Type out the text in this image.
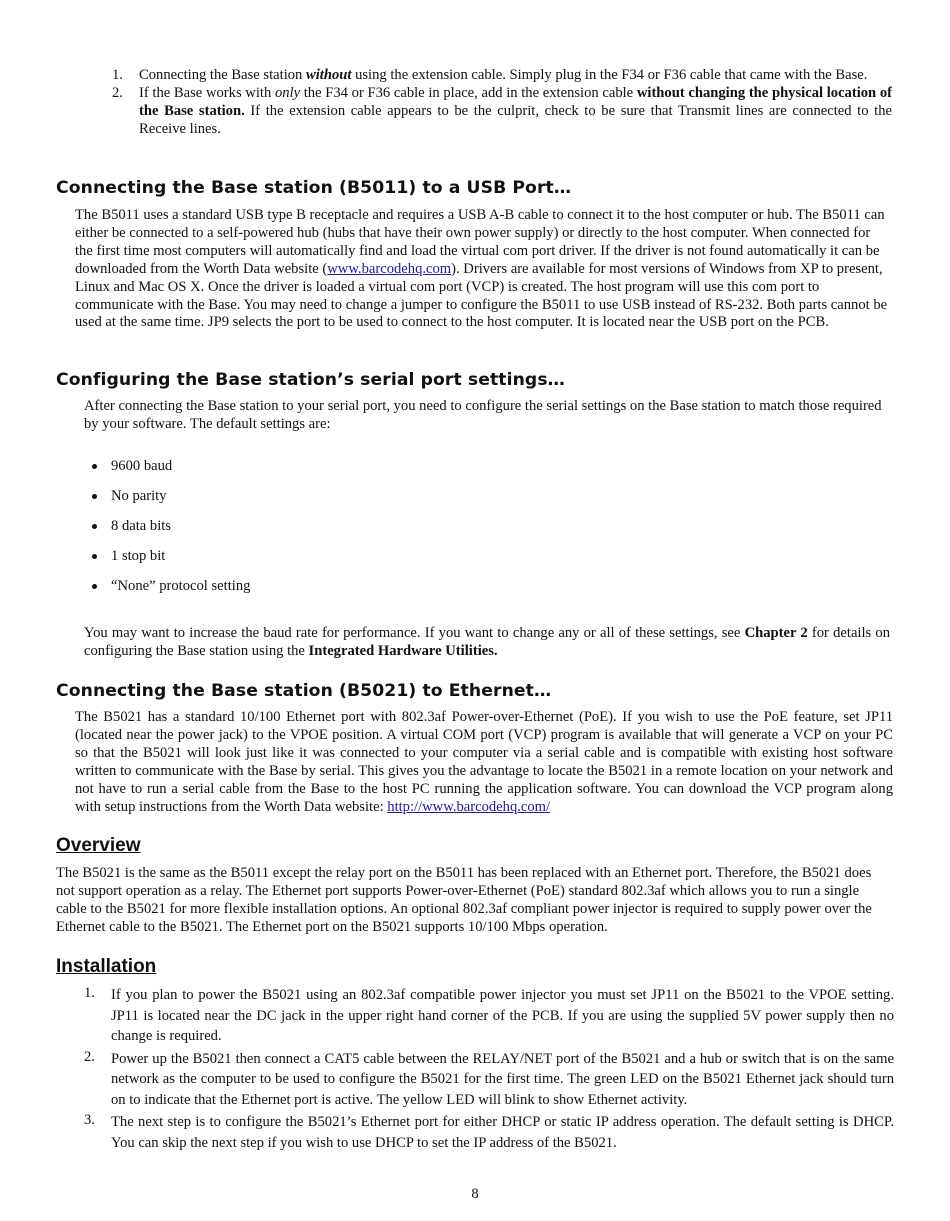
1. Connecting the Base station without using the extension cable. Simply plug in the F34 or F36 cable that came with the Base.

2. If the Base works with only the F34 or F36 cable in place, add in the extension cable without changing the physical location of the Base station. If the extension cable appears to be the culprit, check to be sure that Transmit lines are connected to the Receive lines.

Connecting the Base station (B5011) to a USB Port…

The B5011 uses a standard USB type B receptacle and requires a USB A-B cable to connect it to the host computer or hub. The B5011 can either be connected to a self-powered hub (hubs that have their own power supply) or directly to the host computer. When connected for the first time most computers will automatically find and load the virtual com port driver. If the driver is not found automatically it can be downloaded from the Worth Data website (www.barcodehq.com). Drivers are available for most versions of Windows from XP to present, Linux and Mac OS X. Once the driver is loaded a virtual com port (VCP) is created. The host program will use this com port to communicate with the Base. You may need to change a jumper to configure the B5011 to use USB instead of RS-232. Both parts cannot be used at the same time. JP9 selects the port to be used to connect to the host computer. It is located near the USB port on the PCB.

Configuring the Base station’s serial port settings…

After connecting the Base station to your serial port, you need to configure the serial settings on the Base station to match those required by your software. The default settings are:

9600 baud
No parity
8 data bits
1 stop bit
“None” protocol setting

You may want to increase the baud rate for performance. If you want to change any or all of these settings, see Chapter 2 for details on configuring the Base station using the Integrated Hardware Utilities.

Connecting the Base station (B5021) to Ethernet…

The B5021 has a standard 10/100 Ethernet port with 802.3af Power-over-Ethernet (PoE). If you wish to use the PoE feature, set JP11 (located near the power jack) to the VPOE position. A virtual COM port (VCP) program is available that will generate a VCP on your PC so that the B5021 will look just like it was connected to your computer via a serial cable and is compatible with existing host software written to communicate with the Base by serial. This gives you the advantage to locate the B5021 in a remote location on your network and not have to run a serial cable from the Base to the host PC running the application software. You can download the VCP program along with setup instructions from the Worth Data website: http://www.barcodehq.com/

Overview

The B5021 is the same as the B5011 except the relay port on the B5011 has been replaced with an Ethernet port. Therefore, the B5021 does not support operation as a relay. The Ethernet port supports Power-over-Ethernet (PoE) standard 802.3af which allows you to run a single cable to the B5021 for more flexible installation options. An optional 802.3af compliant power injector is required to supply power over the Ethernet cable to the B5021. The Ethernet port on the B5021 supports 10/100 Mbps operation.

Installation
1. If you plan to power the B5021 using an 802.3af compatible power injector you must set JP11 on the B5021 to the VPOE setting. JP11 is located near the DC jack in the upper right hand corner of the PCB. If you are using the supplied 5V power supply then no change is required.

2. Power up the B5021 then connect a CAT5 cable between the RELAY/NET port of the B5021 and a hub or switch that is on the same network as the computer to be used to configure the B5021 for the first time. The green LED on the B5021 Ethernet jack should turn on to indicate that the Ethernet port is active. The yellow LED will blink to show Ethernet activity.

3. The next step is to configure the B5021’s Ethernet port for either DHCP or static IP address operation. The default setting is DHCP. You can skip the next step if you wish to use DHCP to set the IP address of the B5021.

8
